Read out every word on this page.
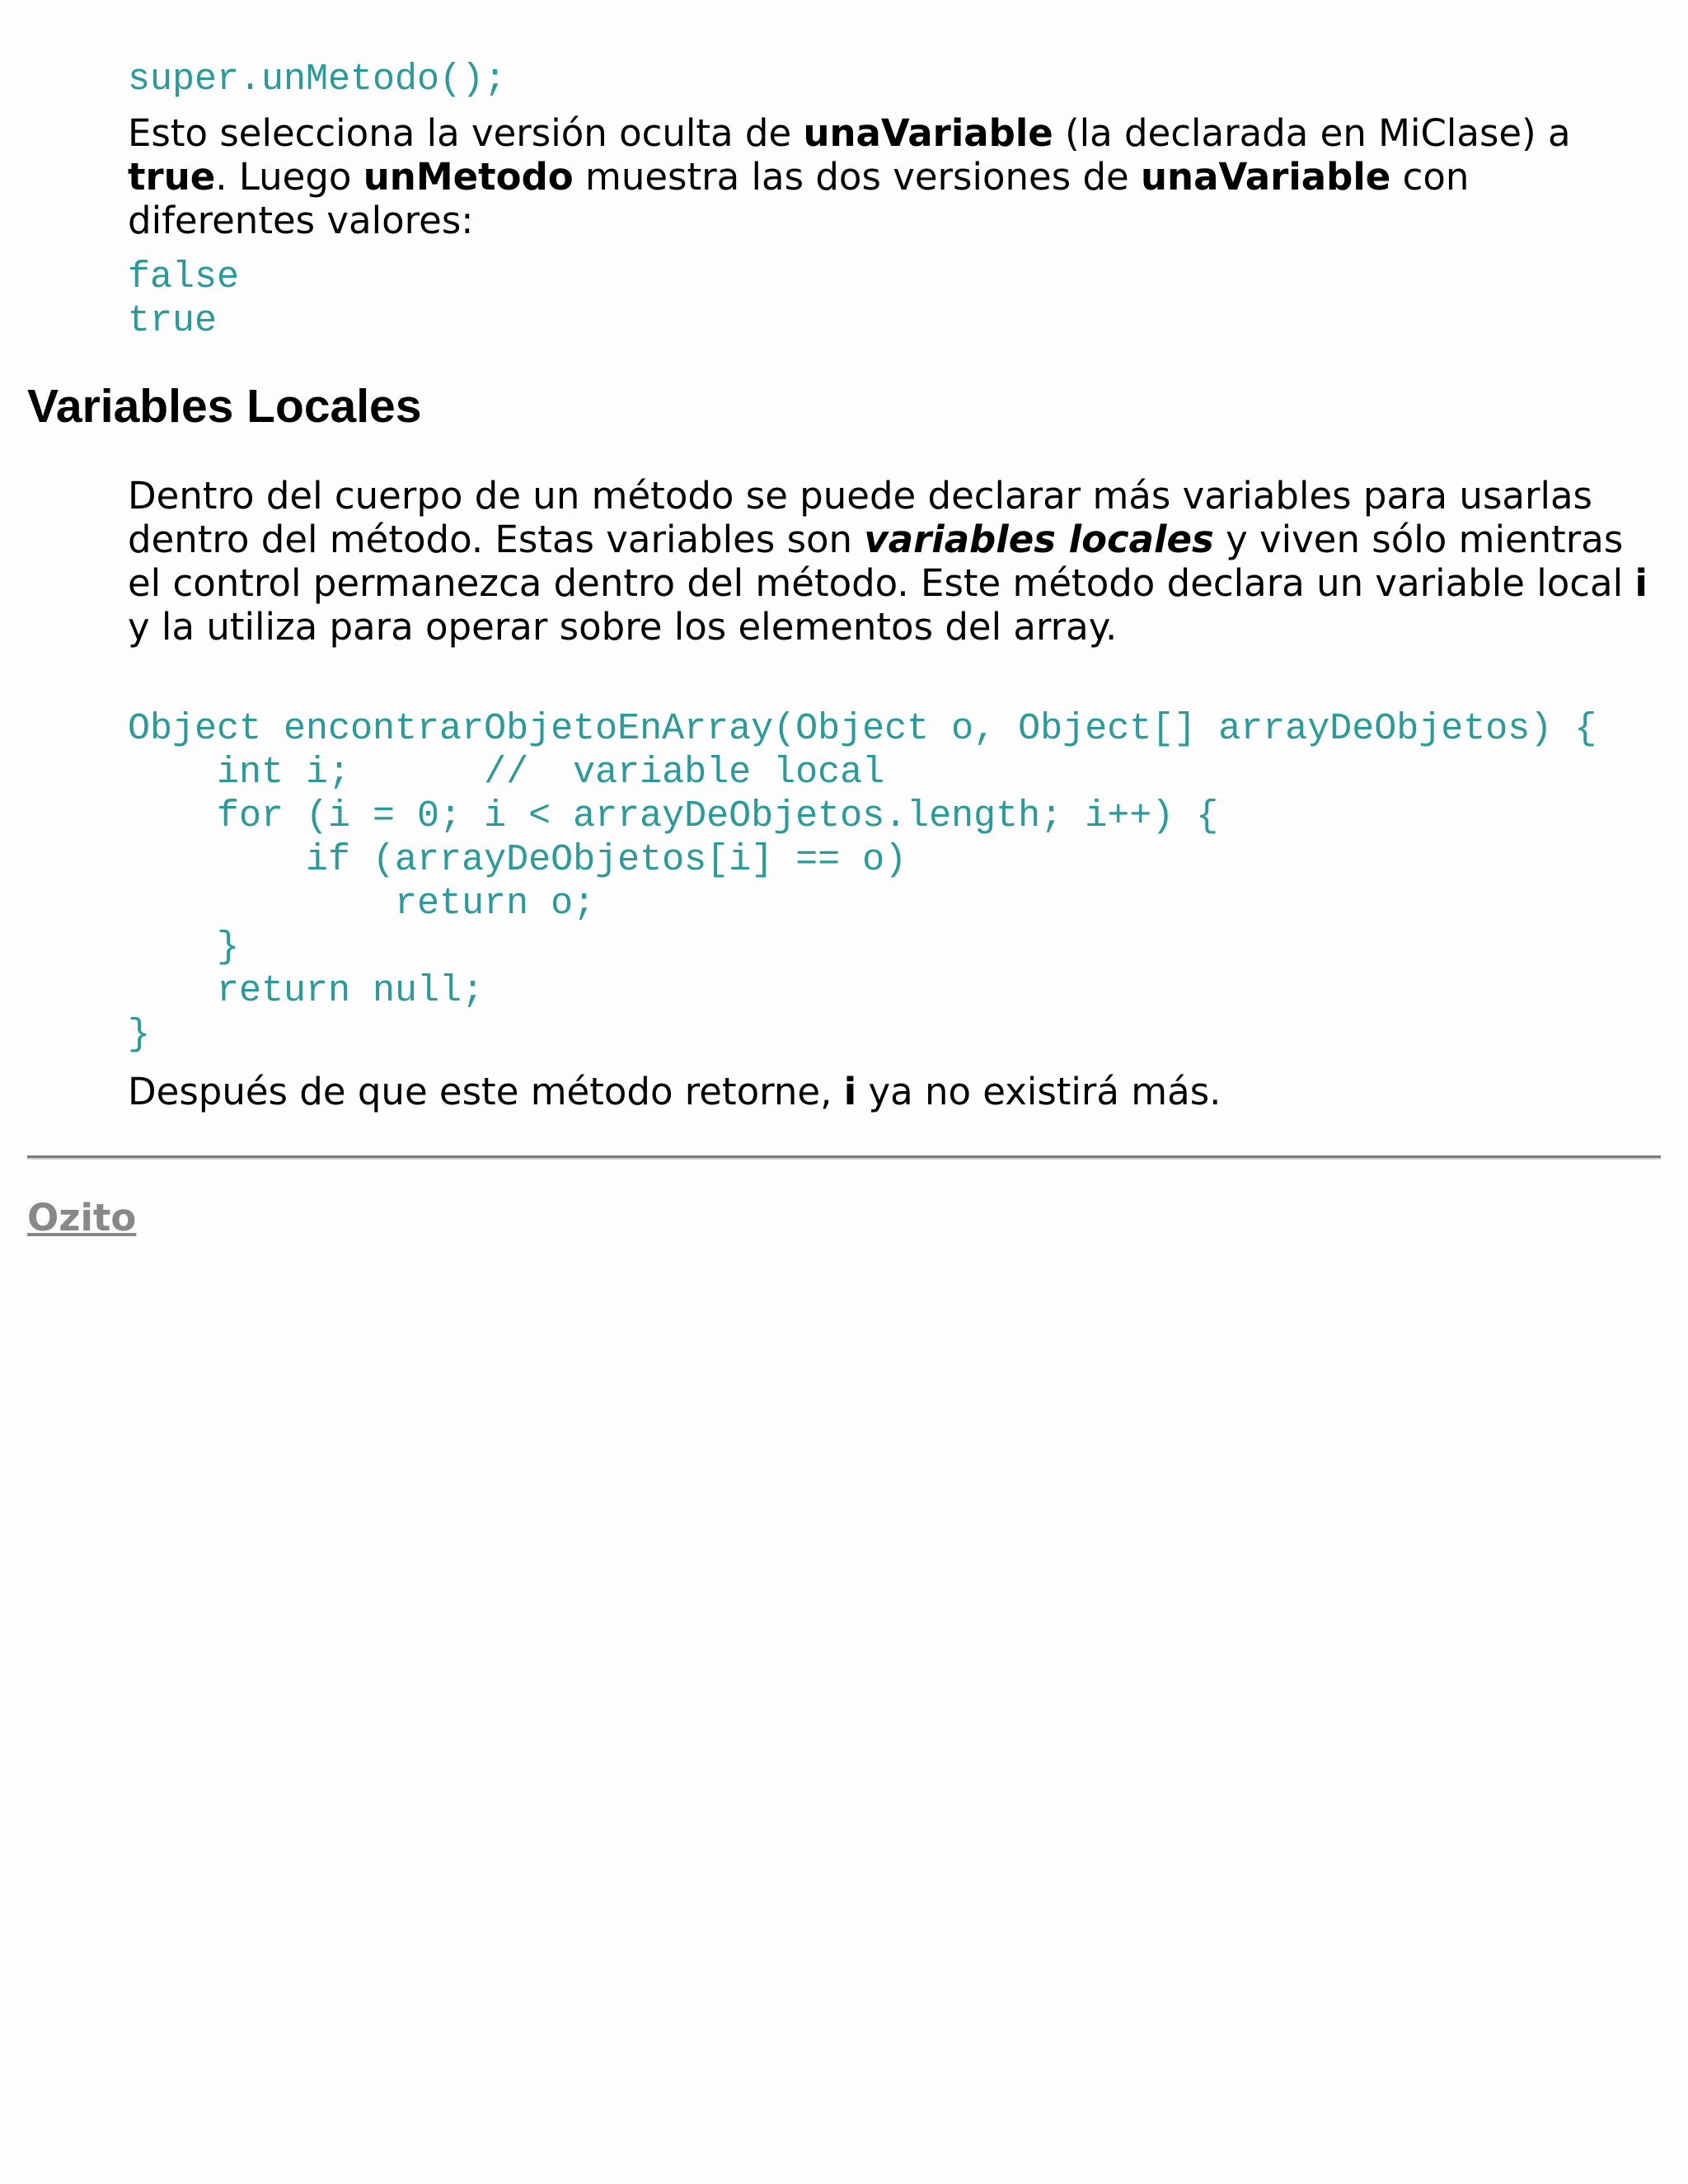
super.unMetodo();

Esto selecciona la versión oculta de unaVariable (la declarada en MiClase) a true. Luego unMetodo muestra las dos versiones de unaVariable con diferentes valores:

false
true
Variables Locales

Dentro del cuerpo de un método se puede declarar más variables para usarlas dentro del método. Estas variables son variables locales y viven sólo mientras el control permanezca dentro del método. Este método declara un variable local i y la utiliza para operar sobre los elementos del array.

Object encontrarObjetoEnArray(Object o, Object[] arrayDeObjetos) {
int i;      //  variable local
for (i = 0; i < arrayDeObjetos.length; i++) {
if (arrayDeObjetos[i] == o)
return o;
}
return null;
}

Después de que este método retorne, i ya no existirá más.

Ozito
